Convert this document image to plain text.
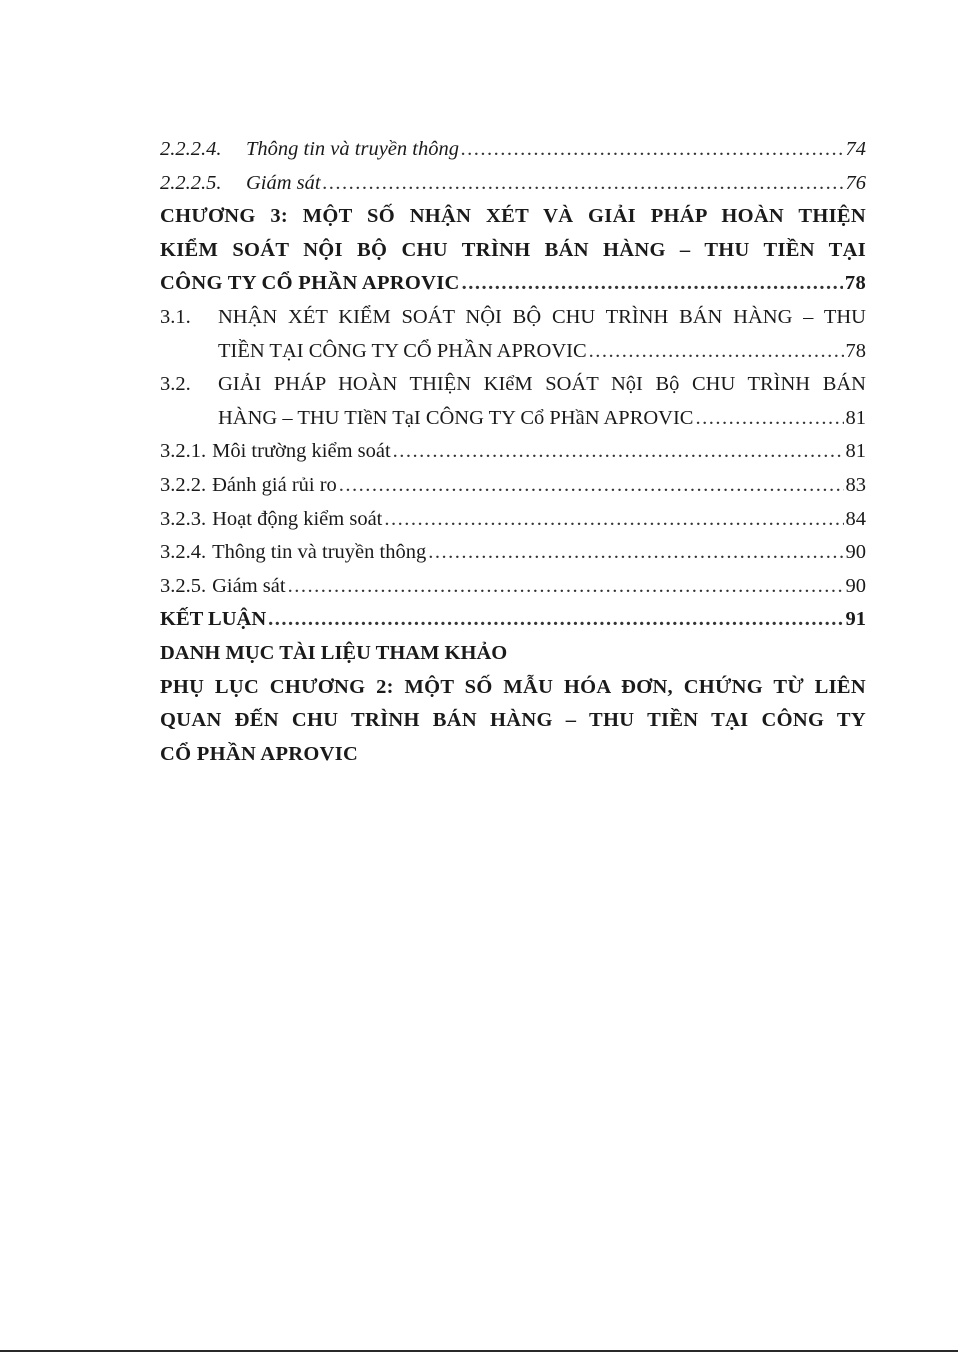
2.2.2.4.	Thông tin và truyền thông .....	74
2.2.2.5.	Giám sát .....	76
CHƯƠNG 3: MỘT SỐ NHẬN XÉT VÀ GIẢI PHÁP HOÀN THIỆN
KIỂM SOÁT NỘI BỘ CHU TRÌNH BÁN HÀNG – THU TIỀN TẠI
CÔNG TY CỔ PHẦN APROVIC .....	78
3.1.	NHẬN XÉT KIỂM SOÁT NỘI BỘ CHU TRÌNH BÁN HÀNG – THU
TIỀN TẠI CÔNG TY CỔ PHẦN APROVIC .....	78
3.2.	GIẢI PHÁP HOÀN THIỆN KIểM SOÁT NộI Bộ CHU TRÌNH BÁN
HÀNG – THU TIềN TạI CÔNG TY Cổ PHầN APROVIC .....	81
3.2.1. Môi trường kiểm soát .....	81
3.2.2. Đánh giá rủi ro .....	83
3.2.3. Hoạt động kiểm soát .....	84
3.2.4. Thông tin và truyền thông .....	90
3.2.5. Giám sát .....	90
KẾT LUẬN .....	91
DANH MỤC TÀI LIỆU THAM KHẢO
PHỤ LỤC CHƯƠNG 2: MỘT SỐ MẪU HÓA ĐƠN, CHỨNG TỪ LIÊN
QUAN ĐẾN CHU TRÌNH BÁN HÀNG – THU TIỀN TẠI CÔNG TY
CỔ PHẦN APROVIC
